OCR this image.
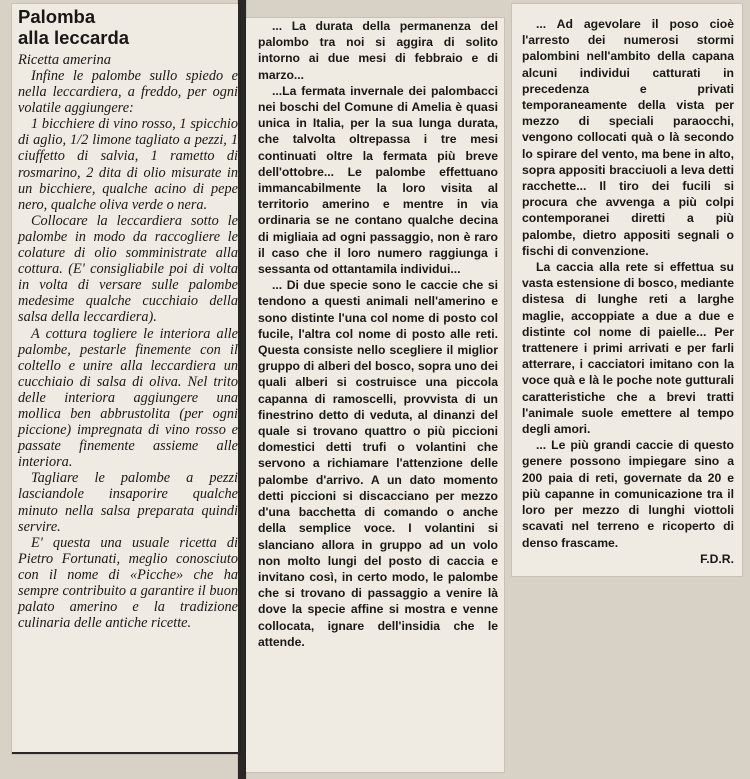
Palomba
alla leccarda
Ricetta amerina

Infine le palombe sullo spiedo e nella leccardiera, a freddo, per ogni volatile aggiungere:

1 bicchiere di vino rosso, 1 spicchio di aglio, 1/2 limone tagliato a pezzi, 1 ciuffetto di salvia, 1 rametto di rosmarino, 2 dita di olio misurate in un bicchiere, qualche acino di pepe nero, qualche oliva verde o nera.

Collocare la leccardiera sotto le palombe in modo da raccogliere le colature di olio somministrate alla cottura. (E' consigliabile poi di volta in volta di versare sulle palombe medesime qualche cucchiaio della salsa della leccardiera).

A cottura togliere le interiora alle palombe, pestarle finemente con il coltello e unire alla leccardiera un cucchiaio di salsa di oliva. Nel trito delle interiora aggiungere una mollica ben abbrustolita (per ogni piccione) impregnata di vino rosso e passate finemente assieme alle interiora.

Tagliare le palombe a pezzi lasciandole insaporire qualche minuto nella salsa preparata quindi servire.

E' questa una usuale ricetta di Pietro Fortunati, meglio conosciuto con il nome di «Picche» che ha sempre contribuito a garantire il buon palato amerino e la tradizione culinaria delle antiche ricette.

... La durata della permanenza del palombo tra noi si aggira di solito intorno ai due mesi di febbraio e di marzo...

...La fermata invernale dei palombacci nei boschi del Comune di Amelia è quasi unica in Italia, per la sua lunga durata, che talvolta oltrepassa i tre mesi continuati oltre la fermata più breve dell'ottobre... Le palombe effettuano immancabilmente la loro visita al territorio amerino e mentre in via ordinaria se ne contano qualche decina di migliaia ad ogni passaggio, non è raro il caso che il loro numero raggiunga i sessanta od ottantamila individui...

... Di due specie sono le caccie che si tendono a questi animali nell'amerino e sono distinte l'una col nome di posto col fucile, l'altra col nome di posto alle reti. Questa consiste nello scegliere il miglior gruppo di alberi del bosco, sopra uno dei quali alberi si costruisce una piccola capanna di ramoscelli, provvista di un finestrino detto di veduta, al dinanzi del quale si trovano quattro o più piccioni domestici detti trufi o volantini che servono a richiamare l'attenzione delle palombe d'arrivo. A un dato momento detti piccioni si discacciano per mezzo d'una bacchetta di comando o anche della semplice voce. I volantini si slanciano allora in gruppo ad un volo non molto lungi del posto di caccia e invitano così, in certo modo, le palombe che si trovano di passaggio a venire là dove la specie affine si mostra e venne collocata, ignare dell'insidia che le attende.

... Ad agevolare il poso cioè l'arresto dei numerosi stormi palombini nell'ambito della capana alcuni individui catturati in precedenza e privati temporaneamente della vista per mezzo di speciali paraocchi, vengono collocati quà o là secondo lo spirare del vento, ma bene in alto, sopra appositi bracciuoli a leva detti racchette... Il tiro dei fucili si procura che avvenga a più colpi contemporanei diretti a più palombe, dietro appositi segnali o fischi di convenzione.

La caccia alla rete si effettua su vasta estensione di bosco, mediante distesa di lunghe reti a larghe maglie, accoppiate a due a due e distinte col nome di paielle... Per trattenere i primi arrivati e per farli atterrare, i cacciatori imitano con la voce quà e là le poche note gutturali caratteristiche che a brevi tratti l'animale suole emettere al tempo degli amori.

... Le più grandi caccie di questo genere possono impiegare sino a 200 paia di reti, governate da 20 e più capanne in comunicazione tra il loro per mezzo di lunghi viottoli scavati nel terreno e ricoperto di denso frascame.

F.D.R.
